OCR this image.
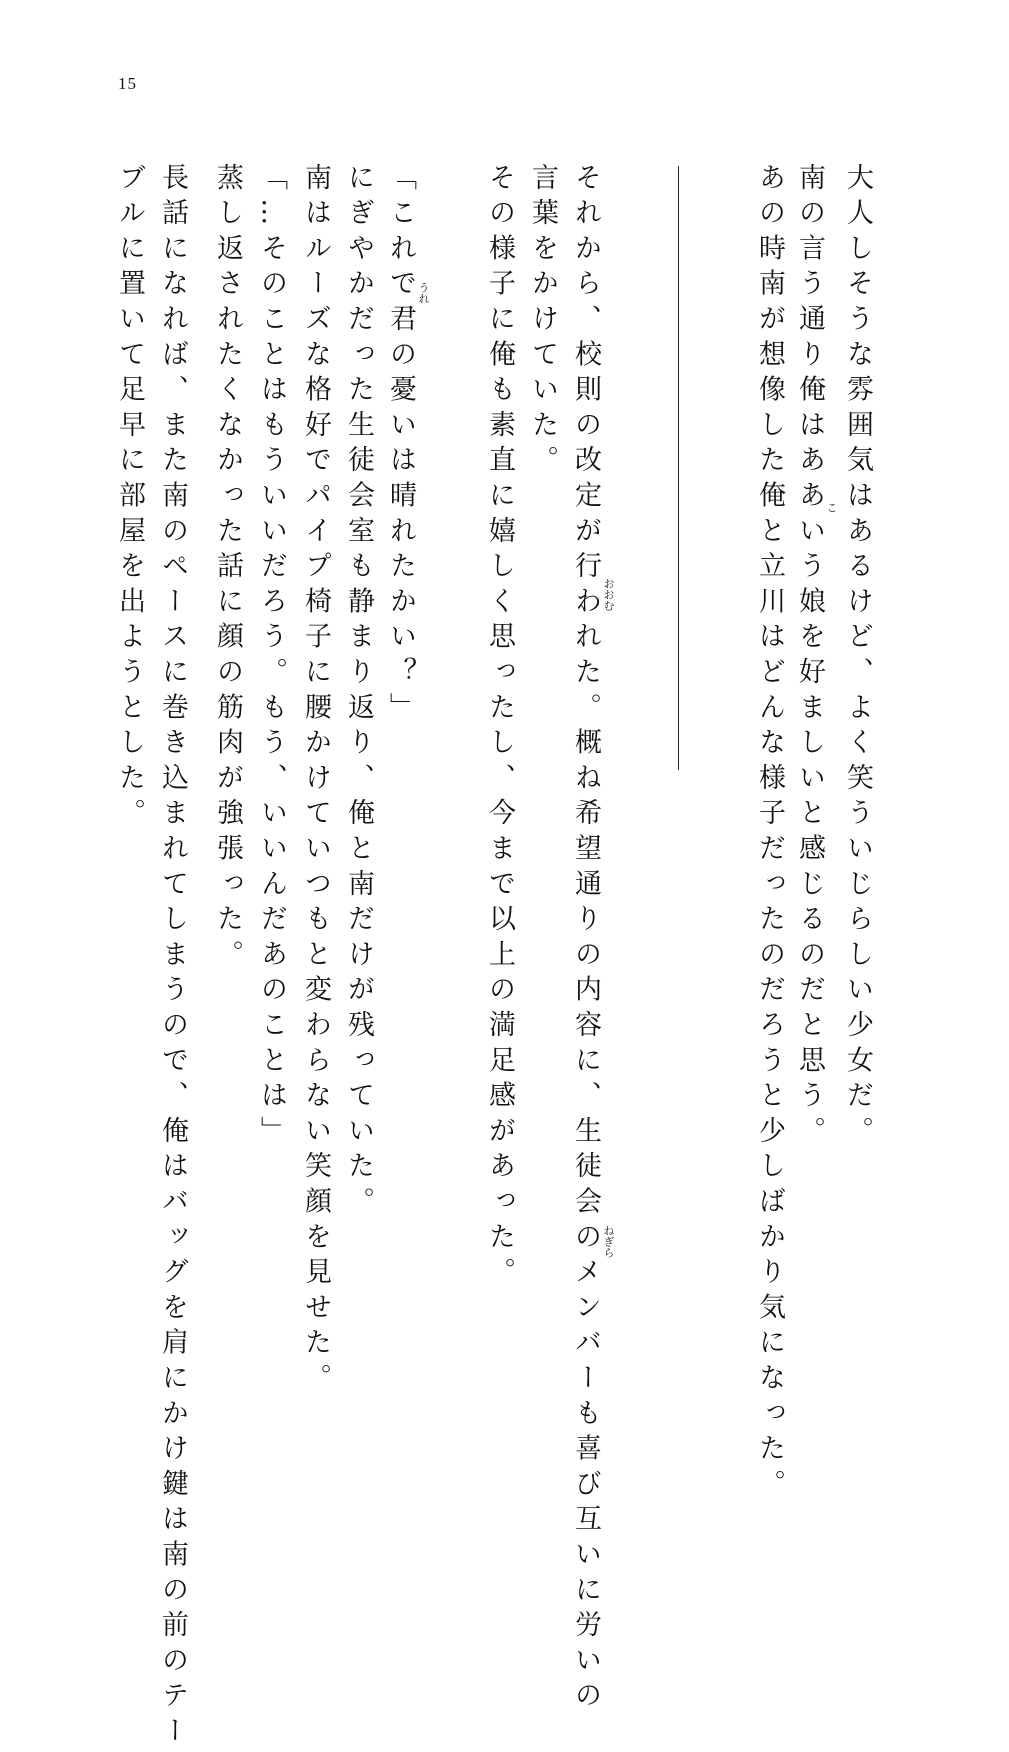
15
大人しそうな雰囲気はあるけど、よく笑ういじらしい少女だ。
南の言う通り俺はああいう娘を好ましいと感じるのだと思う。
あの時南が想像した俺と立川はどんな様子だったのだろうと少しばかり気になった。
それから、校則の改定が行われた。概ね希望通りの内容に、生徒会のメンバーも喜び互いに労いの
言葉をかけていた。
その様子に俺も素直に嬉しく思ったし、今まで以上の満足感があった。
「これで君の憂いは晴れたかい？」
にぎやかだった生徒会室も静まり返り、俺と南だけが残っていた。
南はルーズな格好でパイプ椅子に腰かけていつもと変わらない笑顔を見せた。
「…そのことはもういいだろう。もう、いいんだあのことは」
蒸し返されたくなかった話に顔の筋肉が強張った。
長話になれば、また南のペースに巻き込まれてしまうので、俺はバッグを肩にかけ鍵は南の前のテー
ブルに置いて足早に部屋を出ようとした。	こ
おおむ
ねぎら
うれ
